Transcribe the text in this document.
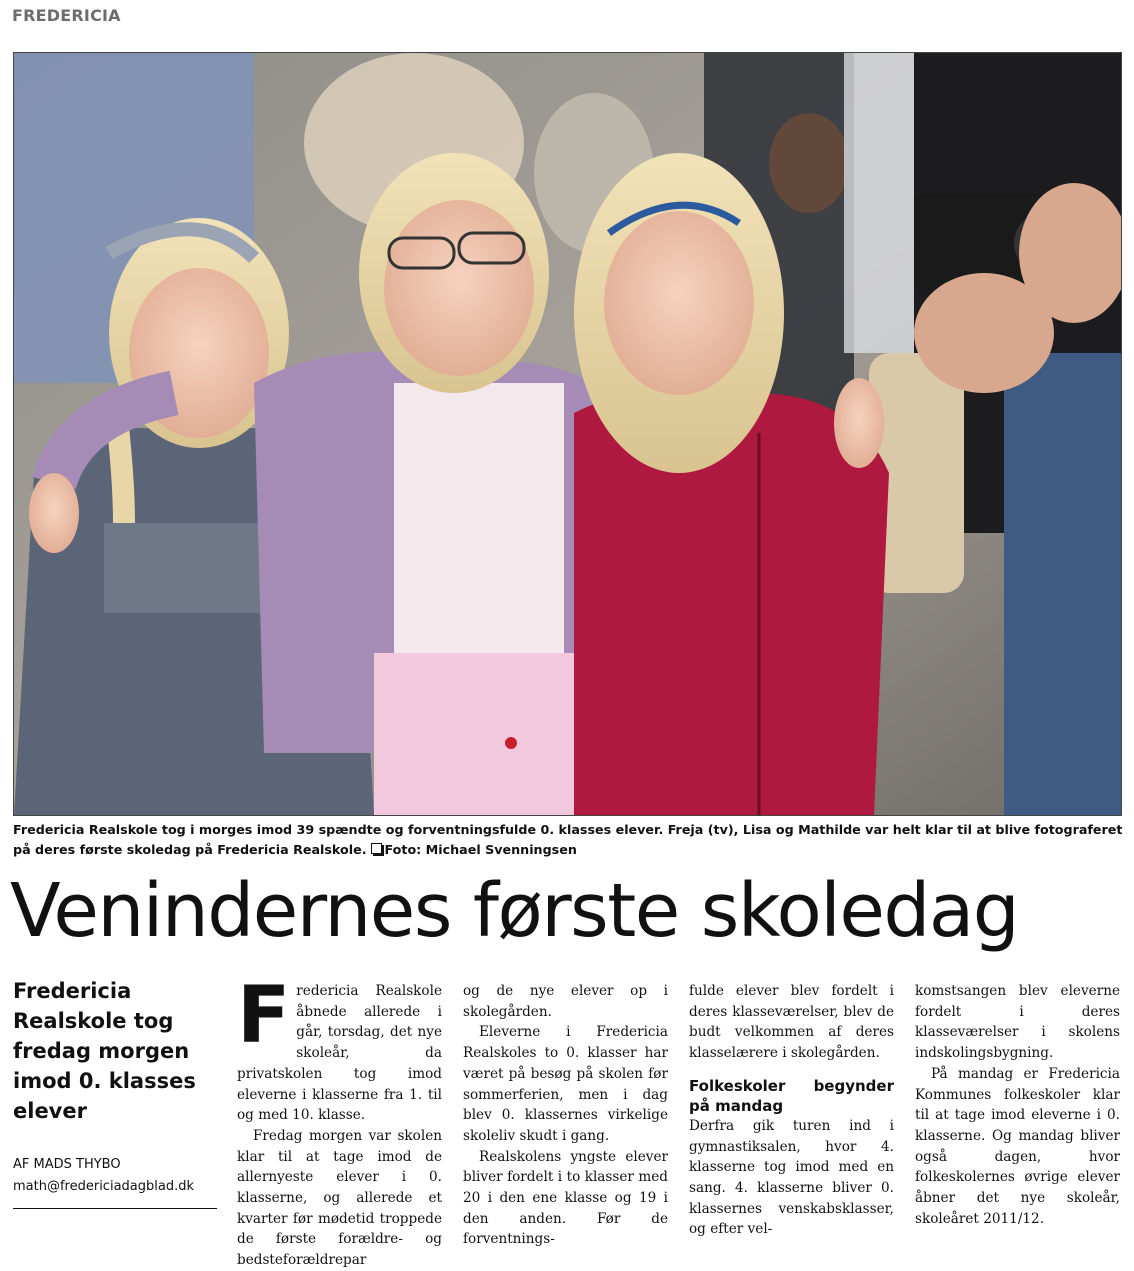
FREDERICIA
Fredericia Realskole tog i morges imod 39 spændte og forventningsfulde 0. klasses elever. Freja (tv), Lisa og Mathilde var helt klar til at blive fotograferet på deres første skoledag på Fredericia Realskole. Foto: Michael Svenningsen
Venindernes første skoledag
Fredericia Realskole tog fredag morgen imod 0. klasses elever
AF MADS THYBO
math@fredericiadagblad.dk

Fredericia Realskole åbnede allerede i går, torsdag, det nye skoleår, da privatskolen tog imod eleverne i klasserne fra 1. til og med 10. klasse.

Fredag morgen var skolen klar til at tage imod de allernyeste elever i 0. klasserne, og allerede et kvarter før mødetid troppede de første forældre- og bedsteforældrepar

og de nye elever op i skolegården.

Eleverne i Fredericia Realskoles to 0. klasser har været på besøg på skolen før sommerferien, men i dag blev 0. klassernes virkelige skoleliv skudt i gang.

Realskolens yngste elever bliver fordelt i to klasser med 20 i den ene klasse og 19 i den anden. Før de forventnings-

fulde elever blev fordelt i deres klasseværelser, blev de budt velkommen af deres klasselærere i skolegården.

Folkeskoler begynder på mandag

Derfra gik turen ind i gymnastiksalen, hvor 4. klasserne tog imod med en sang. 4. klasserne bliver 0. klassernes venskabsklasser, og efter vel-

komstsangen blev eleverne fordelt i deres klasseværelser i skolens indskolingsbygning.

På mandag er Fredericia Kommunes folkeskoler klar til at tage imod eleverne i 0. klasserne. Og mandag bliver også dagen, hvor folkeskolernes øvrige elever åbner det nye skoleår, skoleåret 2011/12.
